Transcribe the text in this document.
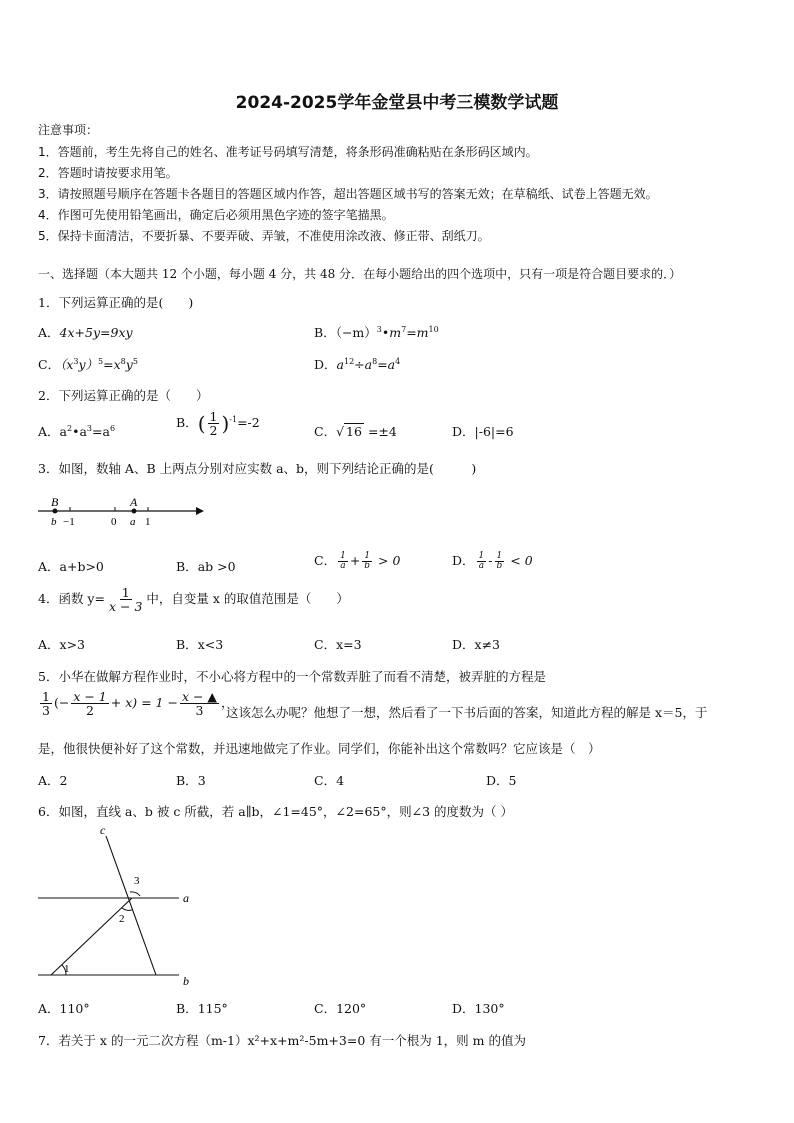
2024-2025学年金堂县中考三模数学试题
注意事项：
1．答题前，考生先将自己的姓名、准考证号码填写清楚，将条形码准确粘贴在条形码区域内。
2．答题时请按要求用笔。
3．请按照题号顺序在答题卡各题目的答题区域内作答，超出答题区域书写的答案无效；在草稿纸、试卷上答题无效。
4．作图可先使用铅笔画出，确定后必须用黑色字迹的签字笔描黑。
5．保持卡面清洁，不要折暴、不要弄破、弄皱，不准使用涂改液、修正带、刮纸刀。
一、选择题（本大题共 12 个小题，每小题 4 分，共 48 分．在每小题给出的四个选项中，只有一项是符合题目要求的．）
1．下列运算正确的是(　　)
A．4x+5y=9xy	B．$(-m)^3•m^7=m^{10}$
C．$(x^3y)^5=x^8y^5$	D．$a^{12}\div a^8=a^4$
2．下列运算正确的是（　　）
A．$a^2•a^3=a^6$	B．( $\frac{1}{2} )^{-1}=-2$
C．√ 16 =±4	D．|-6|=6
3．如图，数轴 A、B 上两点分别对应实数 a、b，则下列结论正确的是(　　　)
B	A
b −1	0 a 1
A．a+b>0	B．ab >0	C． $\frac{1}{a} + \frac{1}{b} > 0$	D． $\frac{1}{a} - \frac{1}{b} < 0$
4．函数 $y= \frac{1}{x - 3}$ 中，自变量 x 的取值范围是（　　）
A．x>3	B．x<3	C．x=3	D．x≠3
5．小华在做解方程作业时，不小心将方程中的一个常数弄脏了而看不清楚，被弄脏的方程是
$\frac{1}{3}$ (− $\frac{x - 1}{2} + x) = 1 - \frac{x - ▲}{3}$ ，
这该怎么办呢？他想了一想，然后看了一下书后面的答案，知道此方程的解是 x＝5，于
是，他很快便补好了这个常数，并迅速地做完了作业。同学们，你能补出这个常数吗？它应该是（　）
A．2	B．3	C．4	D．5
6．如图，直线 a、b 被 c 所截，若 a∥b，∠1=45°，∠2=65°，则∠3 的度数为（ ）
c
a
b
1
2
3
A．110°	B．115°	C．120°	D．130°
7．若关于 x 的一元二次方程（m-1）x²+x+m²-5m+3=0 有一个根为 1，则 m 的值为
